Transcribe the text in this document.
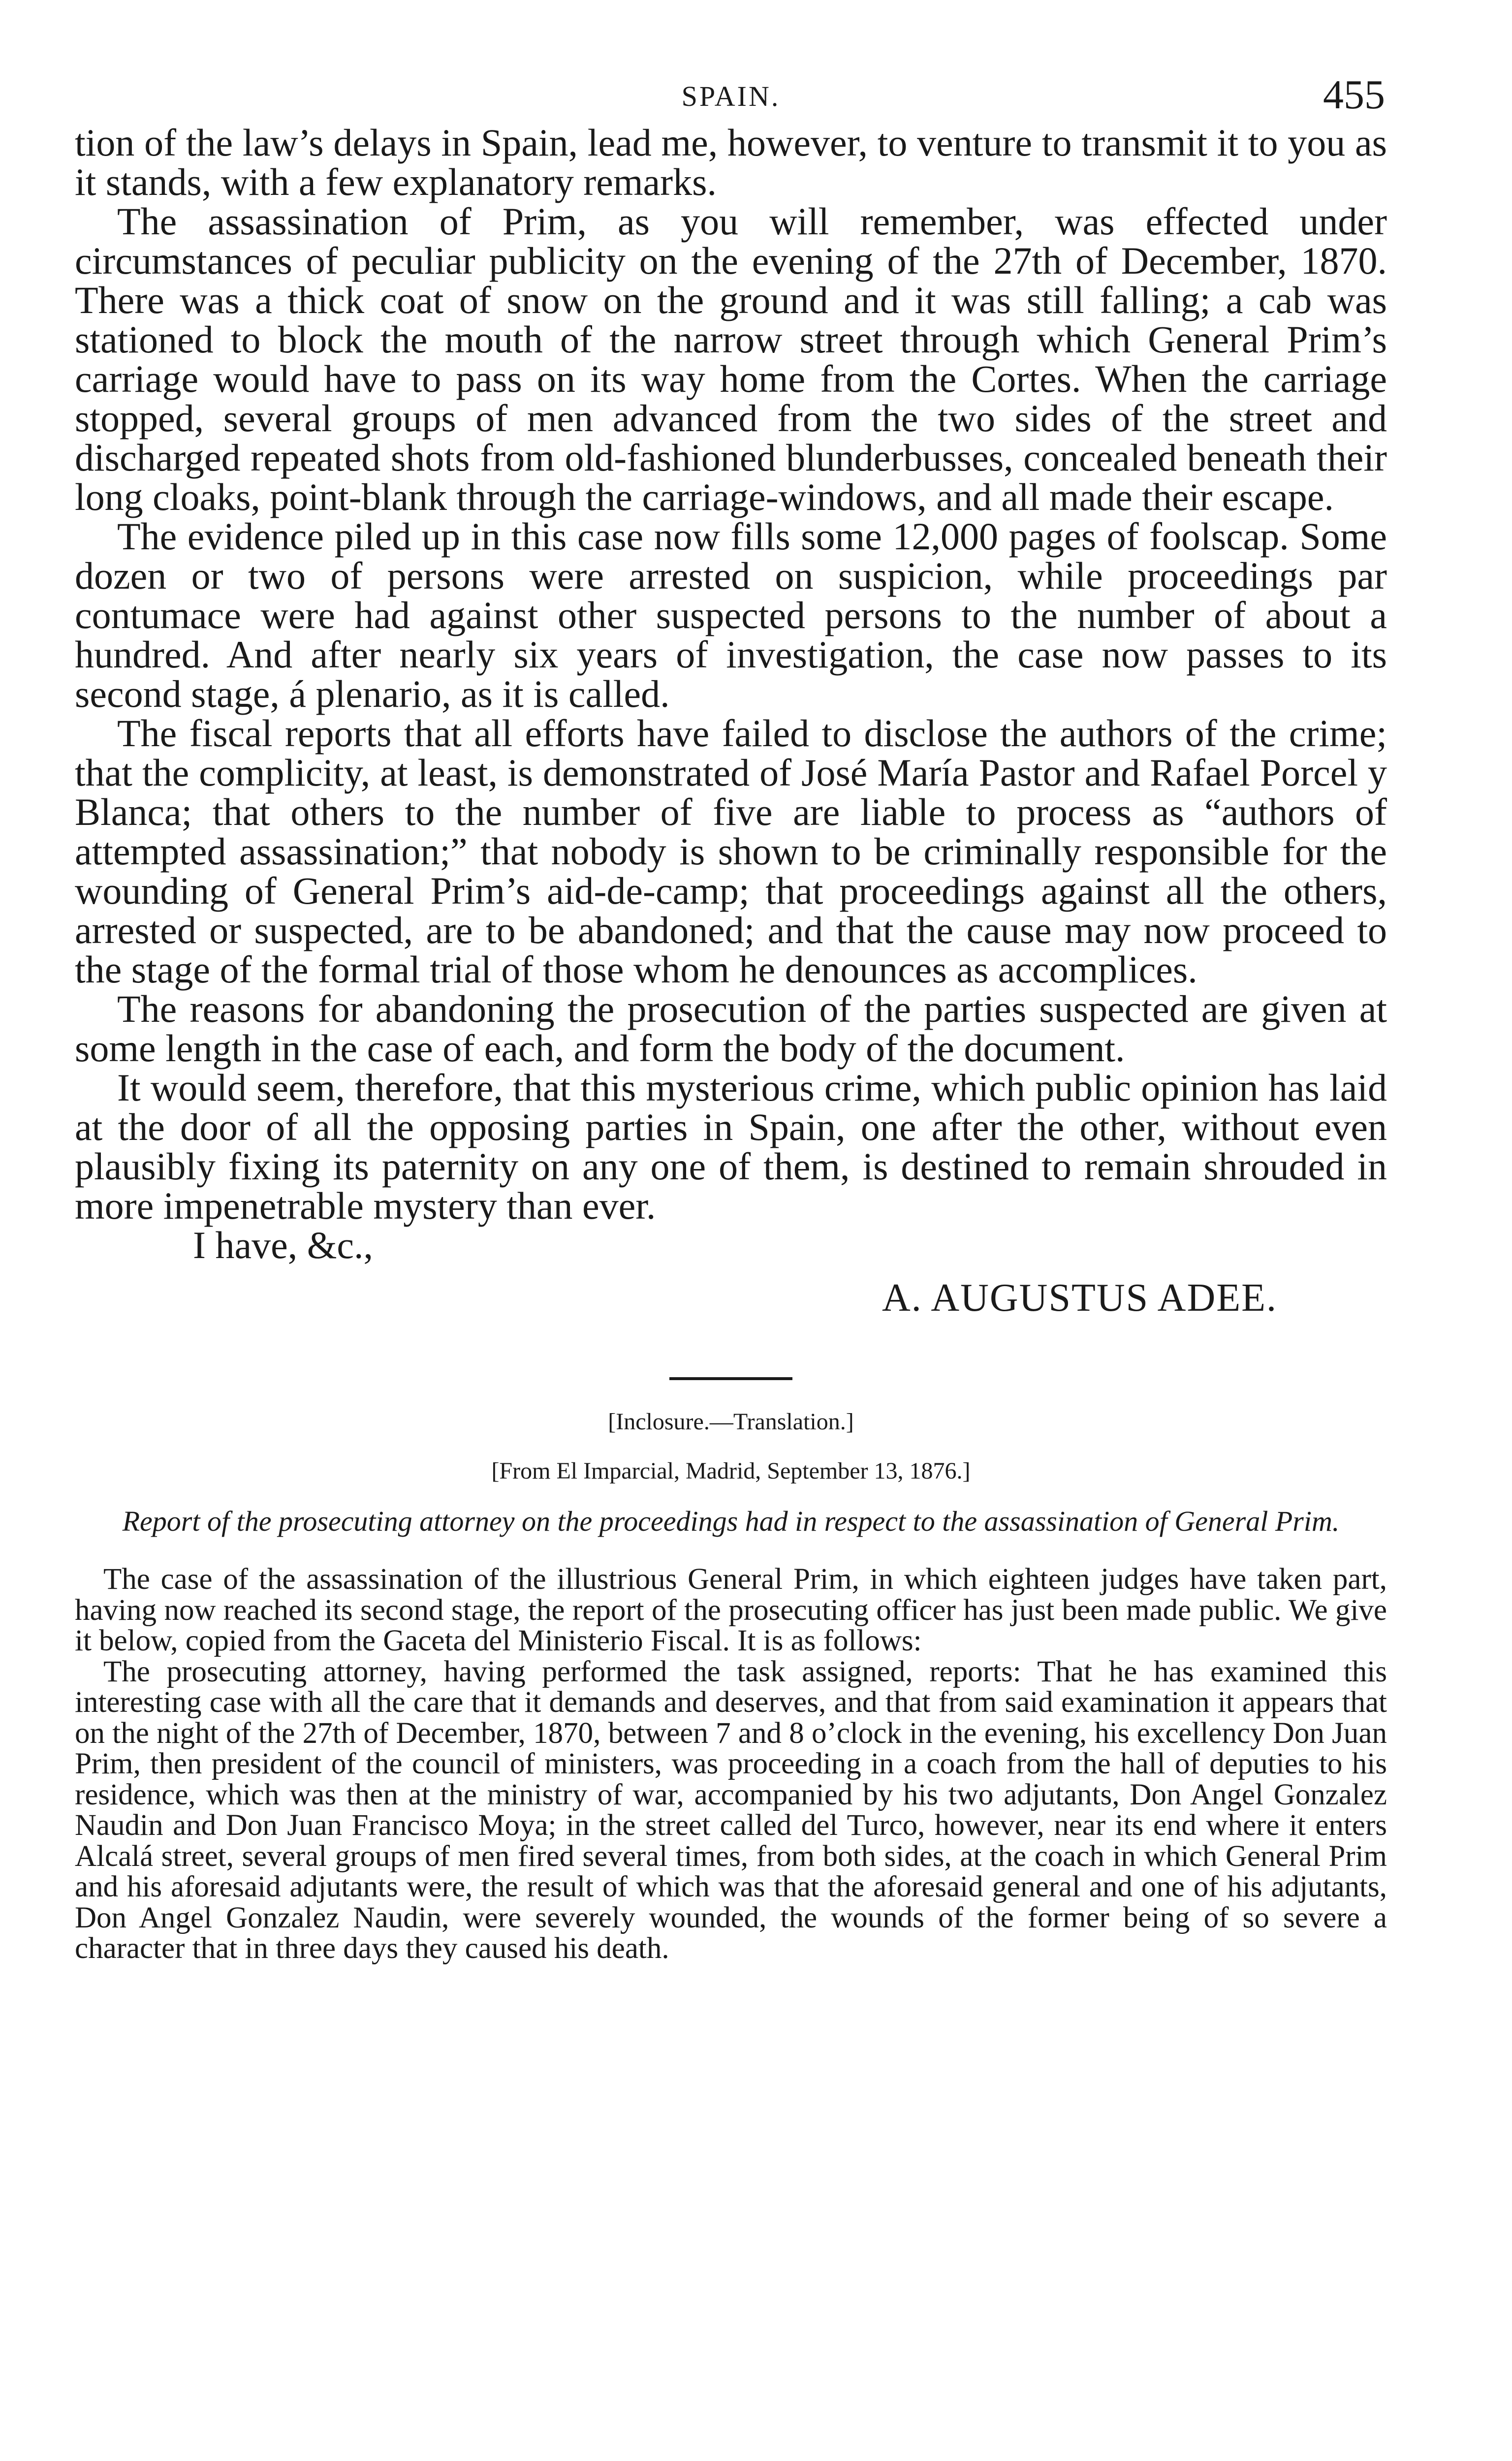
SPAIN.	455

tion of the law’s delays in Spain, lead me, however, to venture to transmit it to you as it stands, with a few explanatory remarks.

The assassination of Prim, as you will remember, was effected under circumstances of peculiar publicity on the evening of the 27th of December, 1870. There was a thick coat of snow on the ground and it was still falling; a cab was stationed to block the mouth of the narrow street through which General Prim’s carriage would have to pass on its way home from the Cortes. When the carriage stopped, several groups of men advanced from the two sides of the street and discharged repeated shots from old-fashioned blunderbusses, concealed beneath their long cloaks, point-blank through the carriage-windows, and all made their escape.

The evidence piled up in this case now fills some 12,000 pages of foolscap. Some dozen or two of persons were arrested on suspicion, while proceedings par contumace were had against other suspected persons to the number of about a hundred. And after nearly six years of investigation, the case now passes to its second stage, á plenario, as it is called.

The fiscal reports that all efforts have failed to disclose the authors of the crime; that the complicity, at least, is demonstrated of José María Pastor and Rafael Porcel y Blanca; that others to the number of five are liable to process as “authors of attempted assassination;” that nobody is shown to be criminally responsible for the wounding of General Prim’s aid-de-camp; that proceedings against all the others, arrested or suspected, are to be abandoned; and that the cause may now proceed to the stage of the formal trial of those whom he denounces as accomplices.

The reasons for abandoning the prosecution of the parties suspected are given at some length in the case of each, and form the body of the document.

It would seem, therefore, that this mysterious crime, which public opinion has laid at the door of all the opposing parties in Spain, one after the other, without even plausibly fixing its paternity on any one of them, is destined to remain shrouded in more impenetrable mystery than ever.

I have, &c.,
A. AUGUSTUS ADEE.
[Inclosure.—Translation.]
[From El Imparcial, Madrid, September 13, 1876.]
Report of the prosecuting attorney on the proceedings had in respect to the assassination of General Prim.

The case of the assassination of the illustrious General Prim, in which eighteen judges have taken part, having now reached its second stage, the report of the prosecuting officer has just been made public. We give it below, copied from the Gaceta del Ministerio Fiscal. It is as follows:

The prosecuting attorney, having performed the task assigned, reports: That he has examined this interesting case with all the care that it demands and deserves, and that from said examination it appears that on the night of the 27th of December, 1870, between 7 and 8 o’clock in the evening, his excellency Don Juan Prim, then president of the council of ministers, was proceeding in a coach from the hall of deputies to his residence, which was then at the ministry of war, accompanied by his two adjutants, Don Angel Gonzalez Naudin and Don Juan Francisco Moya; in the street called del Turco, however, near its end where it enters Alcalá street, several groups of men fired several times, from both sides, at the coach in which General Prim and his aforesaid adjutants were, the result of which was that the aforesaid general and one of his adjutants, Don Angel Gonzalez Naudin, were severely wounded, the wounds of the former being of so severe a character that in three days they caused his death.
